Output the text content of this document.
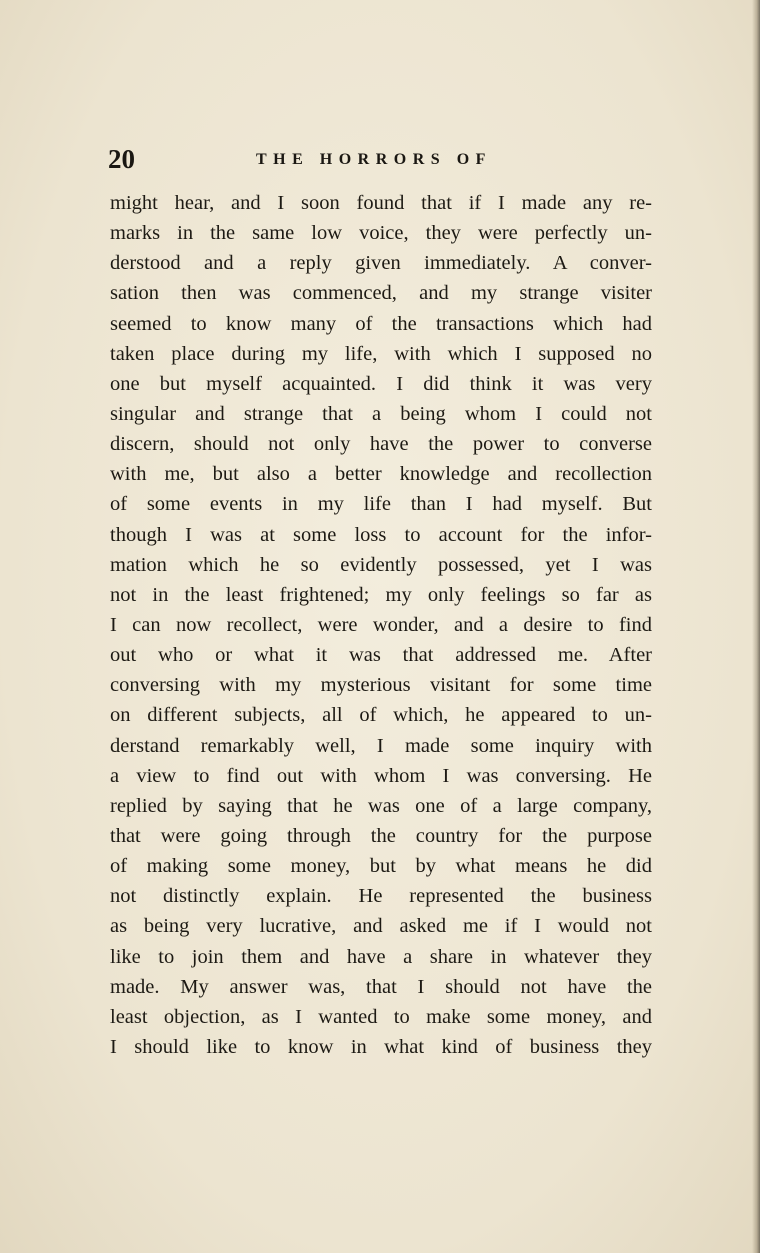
20	THE HORRORS OF
might hear, and I soon found that if I made any re-
marks in the same low voice, they were perfectly un-
derstood and a reply given immediately. A conver-
sation then was commenced, and my strange visiter
seemed to know many of the transactions which had
taken place during my life, with which I supposed no
one but myself acquainted. I did think it was very
singular and strange that a being whom I could not
discern, should not only have the power to converse
with me, but also a better knowledge and recollection
of some events in my life than I had myself. But
though I was at some loss to account for the infor-
mation which he so evidently possessed, yet I was
not in the least frightened; my only feelings so far as
I can now recollect, were wonder, and a desire to find
out who or what it was that addressed me. After
conversing with my mysterious visitant for some time
on different subjects, all of which, he appeared to un-
derstand remarkably well, I made some inquiry with
a view to find out with whom I was conversing. He
replied by saying that he was one of a large company,
that were going through the country for the purpose
of making some money, but by what means he did
not distinctly explain. He represented the business
as being very lucrative, and asked me if I would not
like to join them and have a share in whatever they
made. My answer was, that I should not have the
least objection, as I wanted to make some money, and
I should like to know in what kind of business they
